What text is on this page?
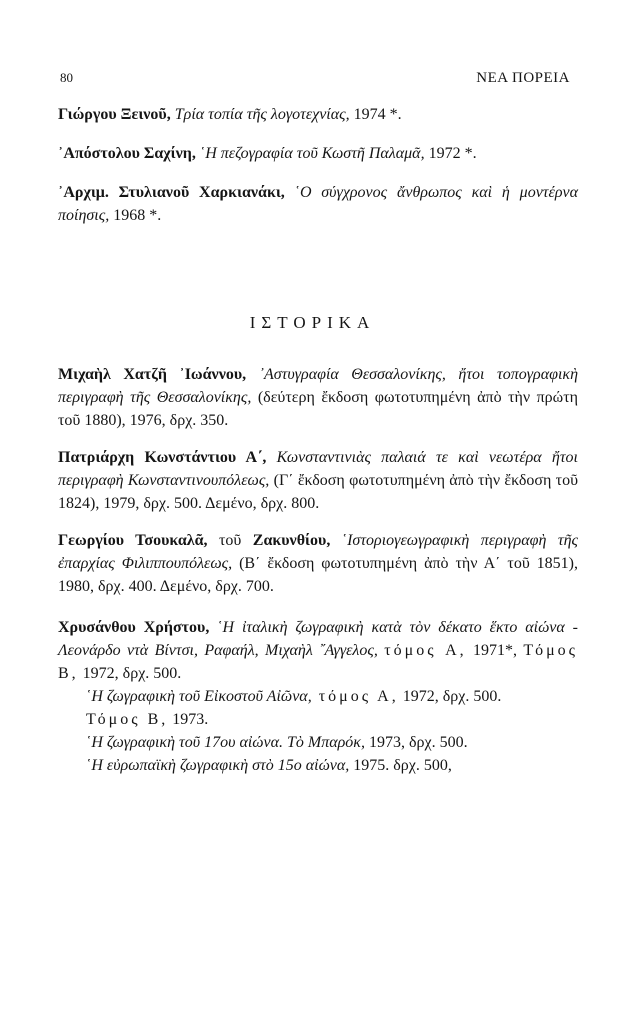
80	ΝΕΑ ΠΟΡΕΙΑ

Γιώργου Ξεινοῦ, Τρία τοπία τῆς λογοτεχνίας, 1974 *.

᾽Απόστολου Σαχίνη, ῾Η πεζογραφία τοῦ Κωστῆ Παλαμᾶ, 1972 *.

᾽Αρχιμ. Στυλιανοῦ Χαρκιανάκι, ῾Ο σύγχρονος ἄνθρωπος καὶ ἡ μοντέρνα ποίησις, 1968 *.

ΙΣΤΟΡΙΚΑ

Μιχαὴλ Χατζῆ ᾽Ιωάννου, ᾽Αστυγραφία Θεσσαλονίκης, ἤτοι τοπογραφικὴ περιγραφὴ τῆς Θεσσαλονίκης, (δεύτερη ἔκδοση φωτοτυπημένη ἀπὸ τὴν πρώτη τοῦ 1880), 1976, δρχ. 350.

Πατριάρχη Κωνστάντιου Α΄, Κωνσταντινιὰς παλαιά τε καὶ νεωτέρα ἤτοι περιγραφὴ Κωνσταντινουπόλεως, (Γ΄ ἔκδοση φωτοτυπημένη ἀπὸ τὴν ἔκδοση τοῦ 1824), 1979, δρχ. 500. Δεμένο, δρχ. 800.

Γεωργίου Τσουκαλᾶ, τοῦ Ζακυνθίου, ῾Ιστοριογεωγραφικὴ περιγραφὴ τῆς ἐπαρχίας Φιλιππουπόλεως, (Β΄ ἔκδοση φωτοτυπημένη ἀπὸ τὴν Α΄ τοῦ 1851), 1980, δρχ. 400. Δεμένο, δρχ. 700.

Χρυσάνθου Χρήστου, ῾Η ἰταλικὴ ζωγραφικὴ κατὰ τὸν δέκατο ἕκτο αἰώνα - Λεονάρδο ντὰ Βίντσι, Ραφαήλ, Μιχαὴλ ῎Αγγελος, τόμος Α, 1971*, Τόμος Β, 1972, δρχ. 500.

῾Η ζωγραφικὴ τοῦ Εἰκοστοῦ Αἰῶνα, τόμος Α, 1972, δρχ. 500.

Τόμος Β, 1973.

῾Η ζωγραφικὴ τοῦ 17ου αἰώνα. Τὸ Μπαρόκ, 1973, δρχ. 500.

῾Η εὐρωπαϊκὴ ζωγραφικὴ στὸ 15ο αἰώνα, 1975. δρχ. 500,
